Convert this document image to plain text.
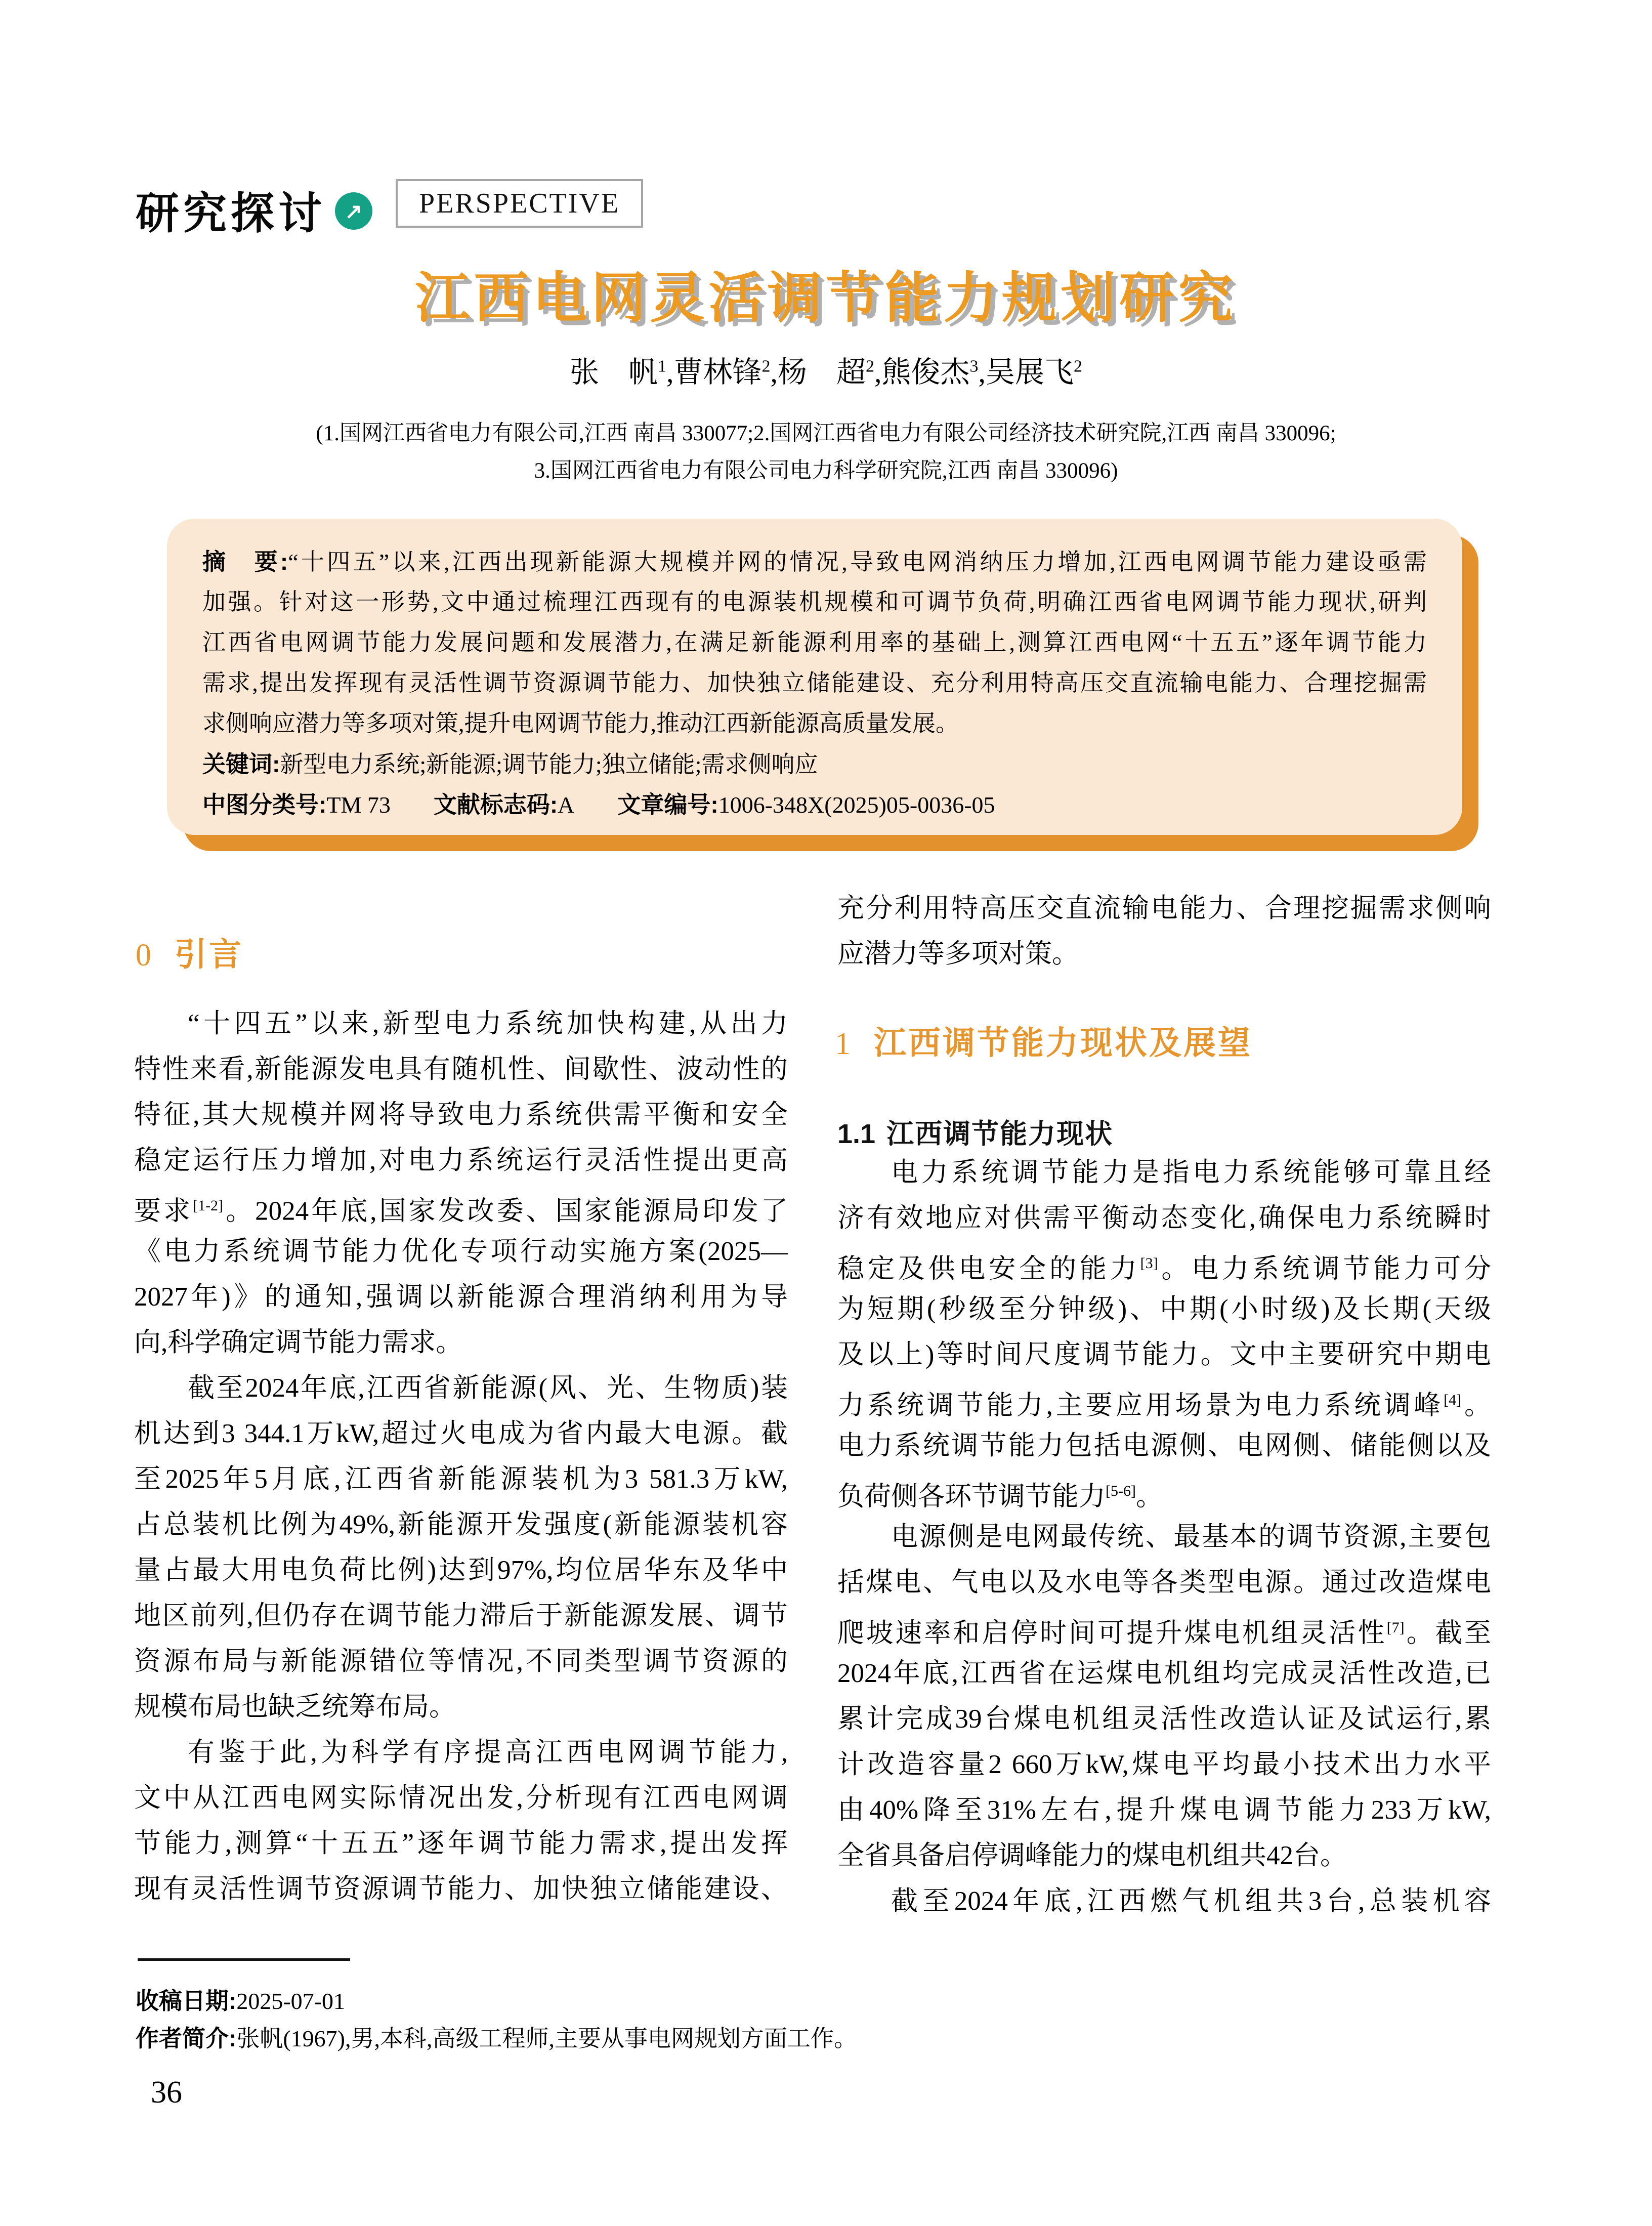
研究探讨 ↗ PERSPECTIVE
江西电网灵活调节能力规划研究
张　帆$^1$,曹林锋$^2$,杨　超$^2$,熊俊杰$^3$,吴展飞$^2$
(1.国网江西省电力有限公司,江西 南昌 330077;2.国网江西省电力有限公司经济技术研究院,江西 南昌 330096;
3.国网江西省电力有限公司电力科学研究院,江西 南昌 330096)

摘　要:“十四五”以来,江西出现新能源大规模并网的情况,导致电网消纳压力增加,江西电网调节能力建设亟需

加强。针对这一形势,文中通过梳理江西现有的电源装机规模和可调节负荷,明确江西省电网调节能力现状,研判

江西省电网调节能力发展问题和发展潜力,在满足新能源利用率的基础上,测算江西电网“十五五”逐年调节能力

需求,提出发挥现有灵活性调节资源调节能力、加快独立储能建设、充分利用特高压交直流输电能力、合理挖掘需

求侧响应潜力等多项对策,提升电网调节能力,推动江西新能源高质量发展。

关键词:新型电力系统;新能源;调节能力;独立储能;需求侧响应

中图分类号:TM 73 文献标志码:A 文章编号:1006-348X(2025)05-0036-05

0 引言

“十四五”以来,新型电力系统加快构建,从出力

特性来看,新能源发电具有随机性、间歇性、波动性的

特征,其大规模并网将导致电力系统供需平衡和安全

稳定运行压力增加,对电力系统运行灵活性提出更高

要求[1-2]。2024年底,国家发改委、国家能源局印发了

《电力系统调节能力优化专项行动实施方案(2025—

2027年)》的通知,强调以新能源合理消纳利用为导

向,科学确定调节能力需求。

截至2024年底,江西省新能源(风、光、生物质)装

机达到3 344.1万kW,超过火电成为省内最大电源。截

至2025年5月底,江西省新能源装机为3 581.3万kW,

占总装机比例为49%,新能源开发强度(新能源装机容

量占最大用电负荷比例)达到97%,均位居华东及华中

地区前列,但仍存在调节能力滞后于新能源发展、调节

资源布局与新能源错位等情况,不同类型调节资源的

规模布局也缺乏统筹布局。

有鉴于此,为科学有序提高江西电网调节能力,

文中从江西电网实际情况出发,分析现有江西电网调

节能力,测算“十五五”逐年调节能力需求,提出发挥

现有灵活性调节资源调节能力、加快独立储能建设、

充分利用特高压交直流输电能力、合理挖掘需求侧响

应潜力等多项对策。

1 江西调节能力现状及展望
1.1 江西调节能力现状

电力系统调节能力是指电力系统能够可靠且经

济有效地应对供需平衡动态变化,确保电力系统瞬时

稳定及供电安全的能力[3]。电力系统调节能力可分

为短期(秒级至分钟级)、中期(小时级)及长期(天级

及以上)等时间尺度调节能力。文中主要研究中期电

力系统调节能力,主要应用场景为电力系统调峰[4]。

电力系统调节能力包括电源侧、电网侧、储能侧以及

负荷侧各环节调节能力[5-6]。

电源侧是电网最传统、最基本的调节资源,主要包

括煤电、气电以及水电等各类型电源。通过改造煤电

爬坡速率和启停时间可提升煤电机组灵活性[7]。截至

2024年底,江西省在运煤电机组均完成灵活性改造,已

累计完成39台煤电机组灵活性改造认证及试运行,累

计改造容量2 660万kW,煤电平均最小技术出力水平

由40%降至31%左右,提升煤电调节能力233万kW,

全省具备启停调峰能力的煤电机组共42台。

截至2024年底,江西燃气机组共3台,总装机容

收稿日期:2025-07-01
作者简介:张帆(1967),男,本科,高级工程师,主要从事电网规划方面工作。
36
